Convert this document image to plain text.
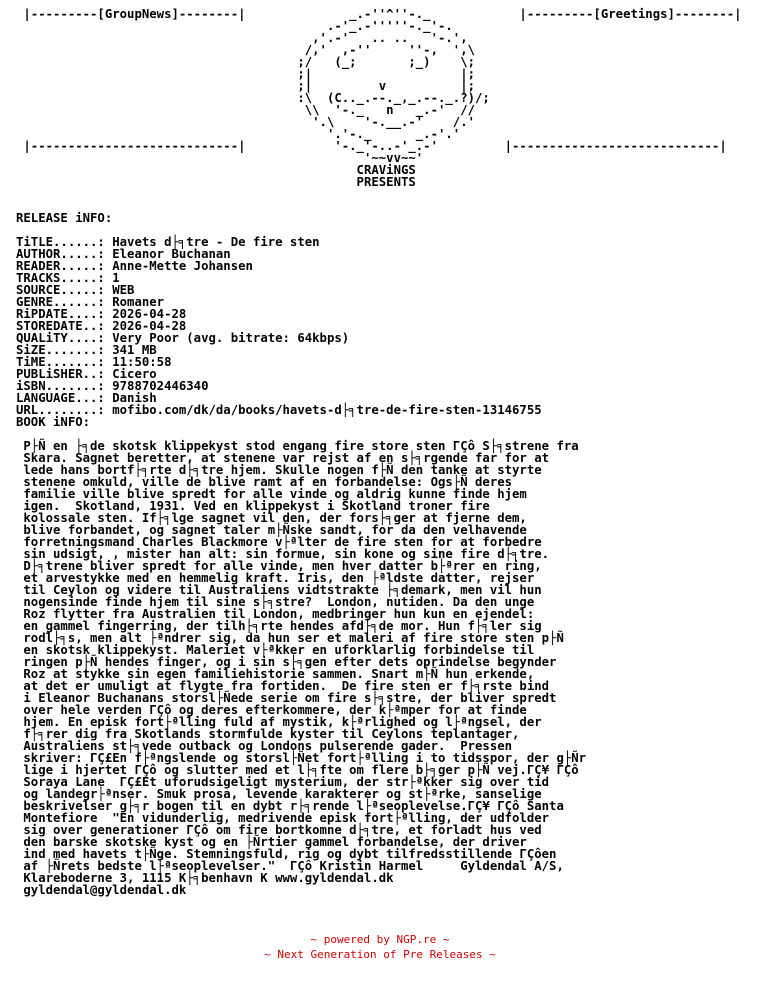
|---------[GroupNews]--------|              _.-''^''-._            |---------[Greetings]--------|
.-'_.-'''''-._'-.
,'.-'   .. ..   '-.',
/,'  ,-''     ''-,  ',\
;/   (_;       ;_)    \;
;|                    |;
;|         v          |;
:\  (C.._.--._,_.--._.?)/;
\\  '-._   n   _.-'  //
'.\    '-.__.-'    /.'
'.'-._      _.-'.'
|----------------------------|            '-._'-..-'_.-'         |----------------------------|
'~~vv~~'
CRAViNGS
PRESENTS
RELEASE iNFO:
TiTLE......: Havets d├╕tre - De fire sten
AUTHOR.....: Eleanor Buchanan
READER.....: Anne-Mette Johansen
TRACKS.....: 1
SOURCE.....: WEB
GENRE......: Romaner
RiPDATE....: 2026-04-28
STOREDATE..: 2026-04-28
QUALiTY....: Very Poor (avg. bitrate: 64kbps)
SiZE.......: 341 MB
TiME.......: 11:50:58
PUBLiSHER..: Cicero
iSBN.......: 9788702446340
LANGUAGE...: Danish
URL........: mofibo.com/dk/da/books/havets-d├╕tre-de-fire-sten-13146755
BOOK iNFO:
P├Ñ en ├╕de skotsk klippekyst stod engang fire store sten ΓÇô S├╕strene fra
Skara. Sagnet beretter, at stenene var rejst af en s├╕rgende far for at
lede hans bortf├╕rte d├╕tre hjem. Skulle nogen f├Ñ den tanke at styrte
stenene omkuld, ville de blive ramt af en forbandelse: Ogs├Ñ deres
familie ville blive spredt for alle vinde og aldrig kunne finde hjem
igen.  Skotland, 1931. Ved en klippekyst i Skotland troner fire
kolossale sten. If├╕lge sagnet vil den, der fors├╕ger at fjerne dem,
blive forbandet, og sagnet taler m├Ñske sandt, for da den velhavende
forretningsmand Charles Blackmore v├ªlter de fire sten for at forbedre
sin udsigt, , mister han alt: sin formue, sin kone og sine fire d├╕tre.
D├╕trene bliver spredt for alle vinde, men hver datter b├ªrer en ring,
et arvestykke med en hemmelig kraft. Iris, den ├ªldste datter, rejser
til Ceylon og videre til Australiens vidtstrakte ├╕demark, men vil hun
nogensinde finde hjem til sine s├╕stre?  London, nutiden. Da den unge
Roz flytter fra Australien til London, medbringer hun kun en ejendel:
en gammel fingerring, der tilh├╕rte hendes afd├╕de mor. Hun f├╕ler sig
rodl├╕s, men alt ├ªndrer sig, da hun ser et maleri af fire store sten p├Ñ
en skotsk klippekyst. Maleriet v├ªkker en uforklarlig forbindelse til
ringen p├Ñ hendes finger, og i sin s├╕gen efter dets oprindelse begynder
Roz at stykke sin egen familiehistorie sammen. Snart m├Ñ hun erkende,
at det er umuligt at flygte fra fortiden.  De fire sten er f├╕rste bind
i Eleanor Buchanans storsl├Ñede serie om fire s├╕stre, der bliver spredt
over hele verden ΓÇô og deres efterkommere, der k├ªmper for at finde
hjem. En episk fort├ªlling fuld af mystik, k├ªrlighed og l├ªngsel, der
f├╕rer dig fra Skotlands stormfulde kyster til Ceylons teplantager,
Australiens st├╕vede outback og Londons pulserende gader.  Pressen
skriver: ΓÇ£En f├ªngslende og storsl├Ñet fort├ªlling i to tidsspor, der g├Ñr
lige i hjertet ΓÇô og slutter med et l├╕fte om flere b├╕ger p├Ñ vej.ΓÇ¥ ΓÇô
Soraya Lane  ΓÇ£Et uforudsigeligt mysterium, der str├ªkker sig over tid
og landegr├ªnser. Smuk prosa, levende karakterer og st├ªrke, sanselige
beskrivelser g├╕r bogen til en dybt r├╕rende l├ªseoplevelse.ΓÇ¥ ΓÇô Santa
Montefiore  "En vidunderlig, medrivende episk fort├ªlling, der udfolder
sig over generationer ΓÇô om fire bortkomne d├╕tre, et forladt hus ved
den barske skotske kyst og en ├Ñrtier gammel forbandelse, der driver
ind med havets t├Ñge. Stemningsfuld, rig og dybt tilfredsstillende ΓÇôen
af ├Ñrets bedste l├ªseoplevelser."  ΓÇô Kristin Harmel     Gyldendal A/S,
Klareboderne 3, 1115 K├╕benhavn K www.gyldendal.dk
gyldendal@gyldendal.dk
~ powered by NGP.re ~
~ Next Generation of Pre Releases ~
